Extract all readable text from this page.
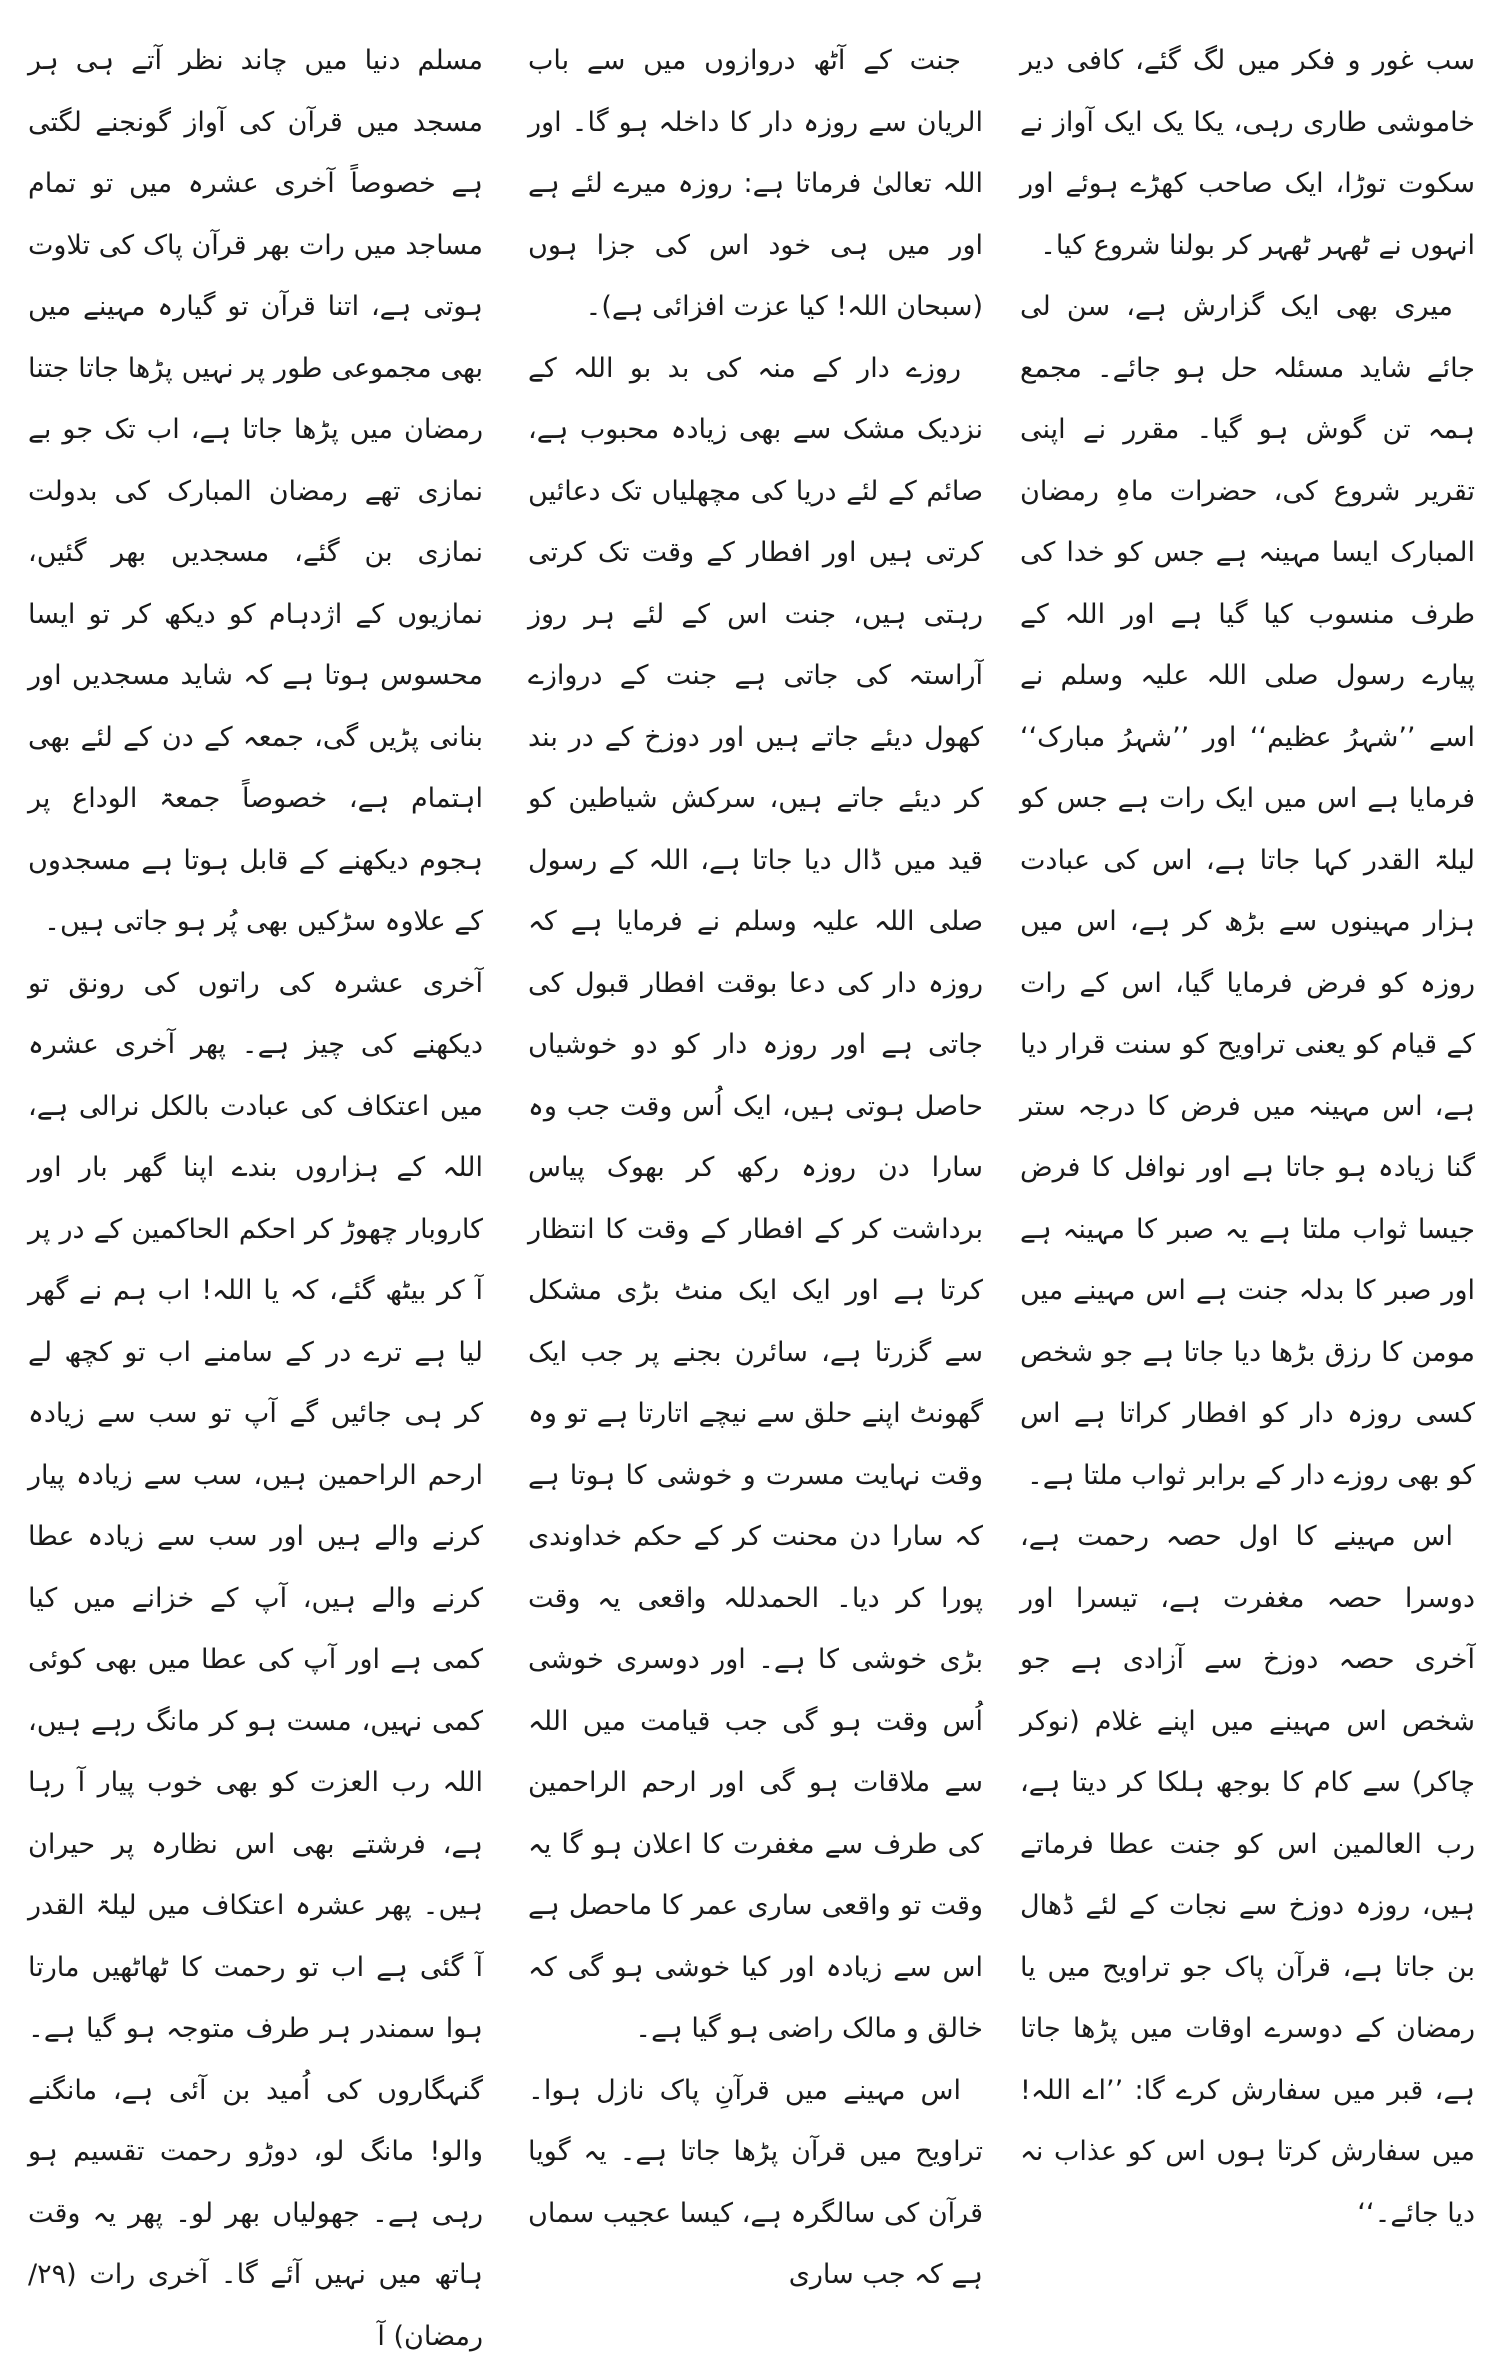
سب غور و فکر میں لگ گئے، کافی دیر خاموشی طاری رہی، یکا یک ایک آواز نے سکوت توڑا، ایک صاحب کھڑے ہوئے اور انہوں نے ٹھہر ٹھہر کر بولنا شروع کیا۔

میری بھی ایک گزارش ہے، سن لی جائے شاید مسئلہ حل ہو جائے۔ مجمع ہمہ تن گوش ہو گیا۔ مقرر نے اپنی تقریر شروع کی، حضرات ماہِ رمضان المبارک ایسا مہینہ ہے جس کو خدا کی طرف منسوب کیا گیا ہے اور اللہ کے پیارے رسول صلی اللہ علیہ وسلم نے اسے ’’شہرُ عظیم‘‘ اور ’’شہرُ مبارک‘‘ فرمایا ہے اس میں ایک رات ہے جس کو لیلۃ القدر کہا جاتا ہے، اس کی عبادت ہزار مہینوں سے بڑھ کر ہے، اس میں روزہ کو فرض فرمایا گیا، اس کے رات کے قیام کو یعنی تراویح کو سنت قرار دیا ہے، اس مہینہ میں فرض کا درجہ ستر گنا زیادہ ہو جاتا ہے اور نوافل کا فرض جیسا ثواب ملتا ہے یہ صبر کا مہینہ ہے اور صبر کا بدلہ جنت ہے اس مہینے میں مومن کا رزق بڑھا دیا جاتا ہے جو شخص کسی روزہ دار کو افطار کراتا ہے اس کو بھی روزے دار کے برابر ثواب ملتا ہے۔

اس مہینے کا اول حصہ رحمت ہے، دوسرا حصہ مغفرت ہے، تیسرا اور آخری حصہ دوزخ سے آزادی ہے جو شخص اس مہینے میں اپنے غلام (نوکر چاکر) سے کام کا بوجھ ہلکا کر دیتا ہے، رب العالمین اس کو جنت عطا فرماتے ہیں، روزہ دوزخ سے نجات کے لئے ڈھال بن جاتا ہے، قرآن پاک جو تراویح میں یا رمضان کے دوسرے اوقات میں پڑھا جاتا ہے، قبر میں سفارش کرے گا: ’’اے اللہ! میں سفارش کرتا ہوں اس کو عذاب نہ دیا جائے۔‘‘

جنت کے آٹھ دروازوں میں سے باب الریان سے روزہ دار کا داخلہ ہو گا۔ اور اللہ تعالیٰ فرماتا ہے: روزہ میرے لئے ہے اور میں ہی خود اس کی جزا ہوں (سبحان اللہ! کیا عزت افزائی ہے)۔

روزے دار کے منہ کی بد بو اللہ کے نزدیک مشک سے بھی زیادہ محبوب ہے، صائم کے لئے دریا کی مچھلیاں تک دعائیں کرتی ہیں اور افطار کے وقت تک کرتی رہتی ہیں، جنت اس کے لئے ہر روز آراستہ کی جاتی ہے جنت کے دروازے کھول دیئے جاتے ہیں اور دوزخ کے در بند کر دیئے جاتے ہیں، سرکش شیاطین کو قید میں ڈال دیا جاتا ہے، اللہ کے رسول صلی اللہ علیہ وسلم نے فرمایا ہے کہ روزہ دار کی دعا بوقت افطار قبول کی جاتی ہے اور روزہ دار کو دو خوشیاں حاصل ہوتی ہیں، ایک اُس وقت جب وہ سارا دن روزہ رکھ کر بھوک پیاس برداشت کر کے افطار کے وقت کا انتظار کرتا ہے اور ایک ایک منٹ بڑی مشکل سے گزرتا ہے، سائرن بجنے پر جب ایک گھونٹ اپنے حلق سے نیچے اتارتا ہے تو وہ وقت نہایت مسرت و خوشی کا ہوتا ہے کہ سارا دن محنت کر کے حکم خداوندی پورا کر دیا۔ الحمدللہ واقعی یہ وقت بڑی خوشی کا ہے۔ اور دوسری خوشی اُس وقت ہو گی جب قیامت میں اللہ سے ملاقات ہو گی اور ارحم الراحمین کی طرف سے مغفرت کا اعلان ہو گا یہ وقت تو واقعی ساری عمر کا ماحصل ہے اس سے زیادہ اور کیا خوشی ہو گی کہ خالق و مالک راضی ہو گیا ہے۔

اس مہینے میں قرآنِ پاک نازل ہوا۔ تراویح میں قرآن پڑھا جاتا ہے۔ یہ گویا قرآن کی سالگرہ ہے، کیسا عجیب سماں ہے کہ جب ساری

مسلم دنیا میں چاند نظر آتے ہی ہر مسجد میں قرآن کی آواز گونجنے لگتی ہے خصوصاً آخری عشرہ میں تو تمام مساجد میں رات بھر قرآن پاک کی تلاوت ہوتی ہے، اتنا قرآن تو گیارہ مہینے میں بھی مجموعی طور پر نہیں پڑھا جاتا جتنا رمضان میں پڑھا جاتا ہے، اب تک جو بے نمازی تھے رمضان المبارک کی بدولت نمازی بن گئے، مسجدیں بھر گئیں، نمازیوں کے اژدہام کو دیکھ کر تو ایسا محسوس ہوتا ہے کہ شاید مسجدیں اور بنانی پڑیں گی، جمعہ کے دن کے لئے بھی اہتمام ہے، خصوصاً جمعۃ الوداع پر ہجوم دیکھنے کے قابل ہوتا ہے مسجدوں کے علاوہ سڑکیں بھی پُر ہو جاتی ہیں۔

آخری عشرہ کی راتوں کی رونق تو دیکھنے کی چیز ہے۔ پھر آخری عشرہ میں اعتکاف کی عبادت بالکل نرالی ہے، اللہ کے ہزاروں بندے اپنا گھر بار اور کاروبار چھوڑ کر احکم الحاکمین کے در پر آ کر بیٹھ گئے، کہ یا اللہ! اب ہم نے گھر لیا ہے ترے در کے سامنے اب تو کچھ لے کر ہی جائیں گے آپ تو سب سے زیادہ ارحم الراحمین ہیں، سب سے زیادہ پیار کرنے والے ہیں اور سب سے زیادہ عطا کرنے والے ہیں، آپ کے خزانے میں کیا کمی ہے اور آپ کی عطا میں بھی کوئی کمی نہیں، مست ہو کر مانگ رہے ہیں، اللہ رب العزت کو بھی خوب پیار آ رہا ہے، فرشتے بھی اس نظارہ پر حیران ہیں۔ پھر عشرہ اعتکاف میں لیلۃ القدر آ گئی ہے اب تو رحمت کا ٹھاٹھیں مارتا ہوا سمندر ہر طرف متوجہ ہو گیا ہے۔ گنہگاروں کی اُمید بن آئی ہے، مانگنے والو! مانگ لو، دوڑو رحمت تقسیم ہو رہی ہے۔ جھولیاں بھر لو۔ پھر یہ وقت ہاتھ میں نہیں آئے گا۔ آخری رات (۲۹/رمضان) آ
